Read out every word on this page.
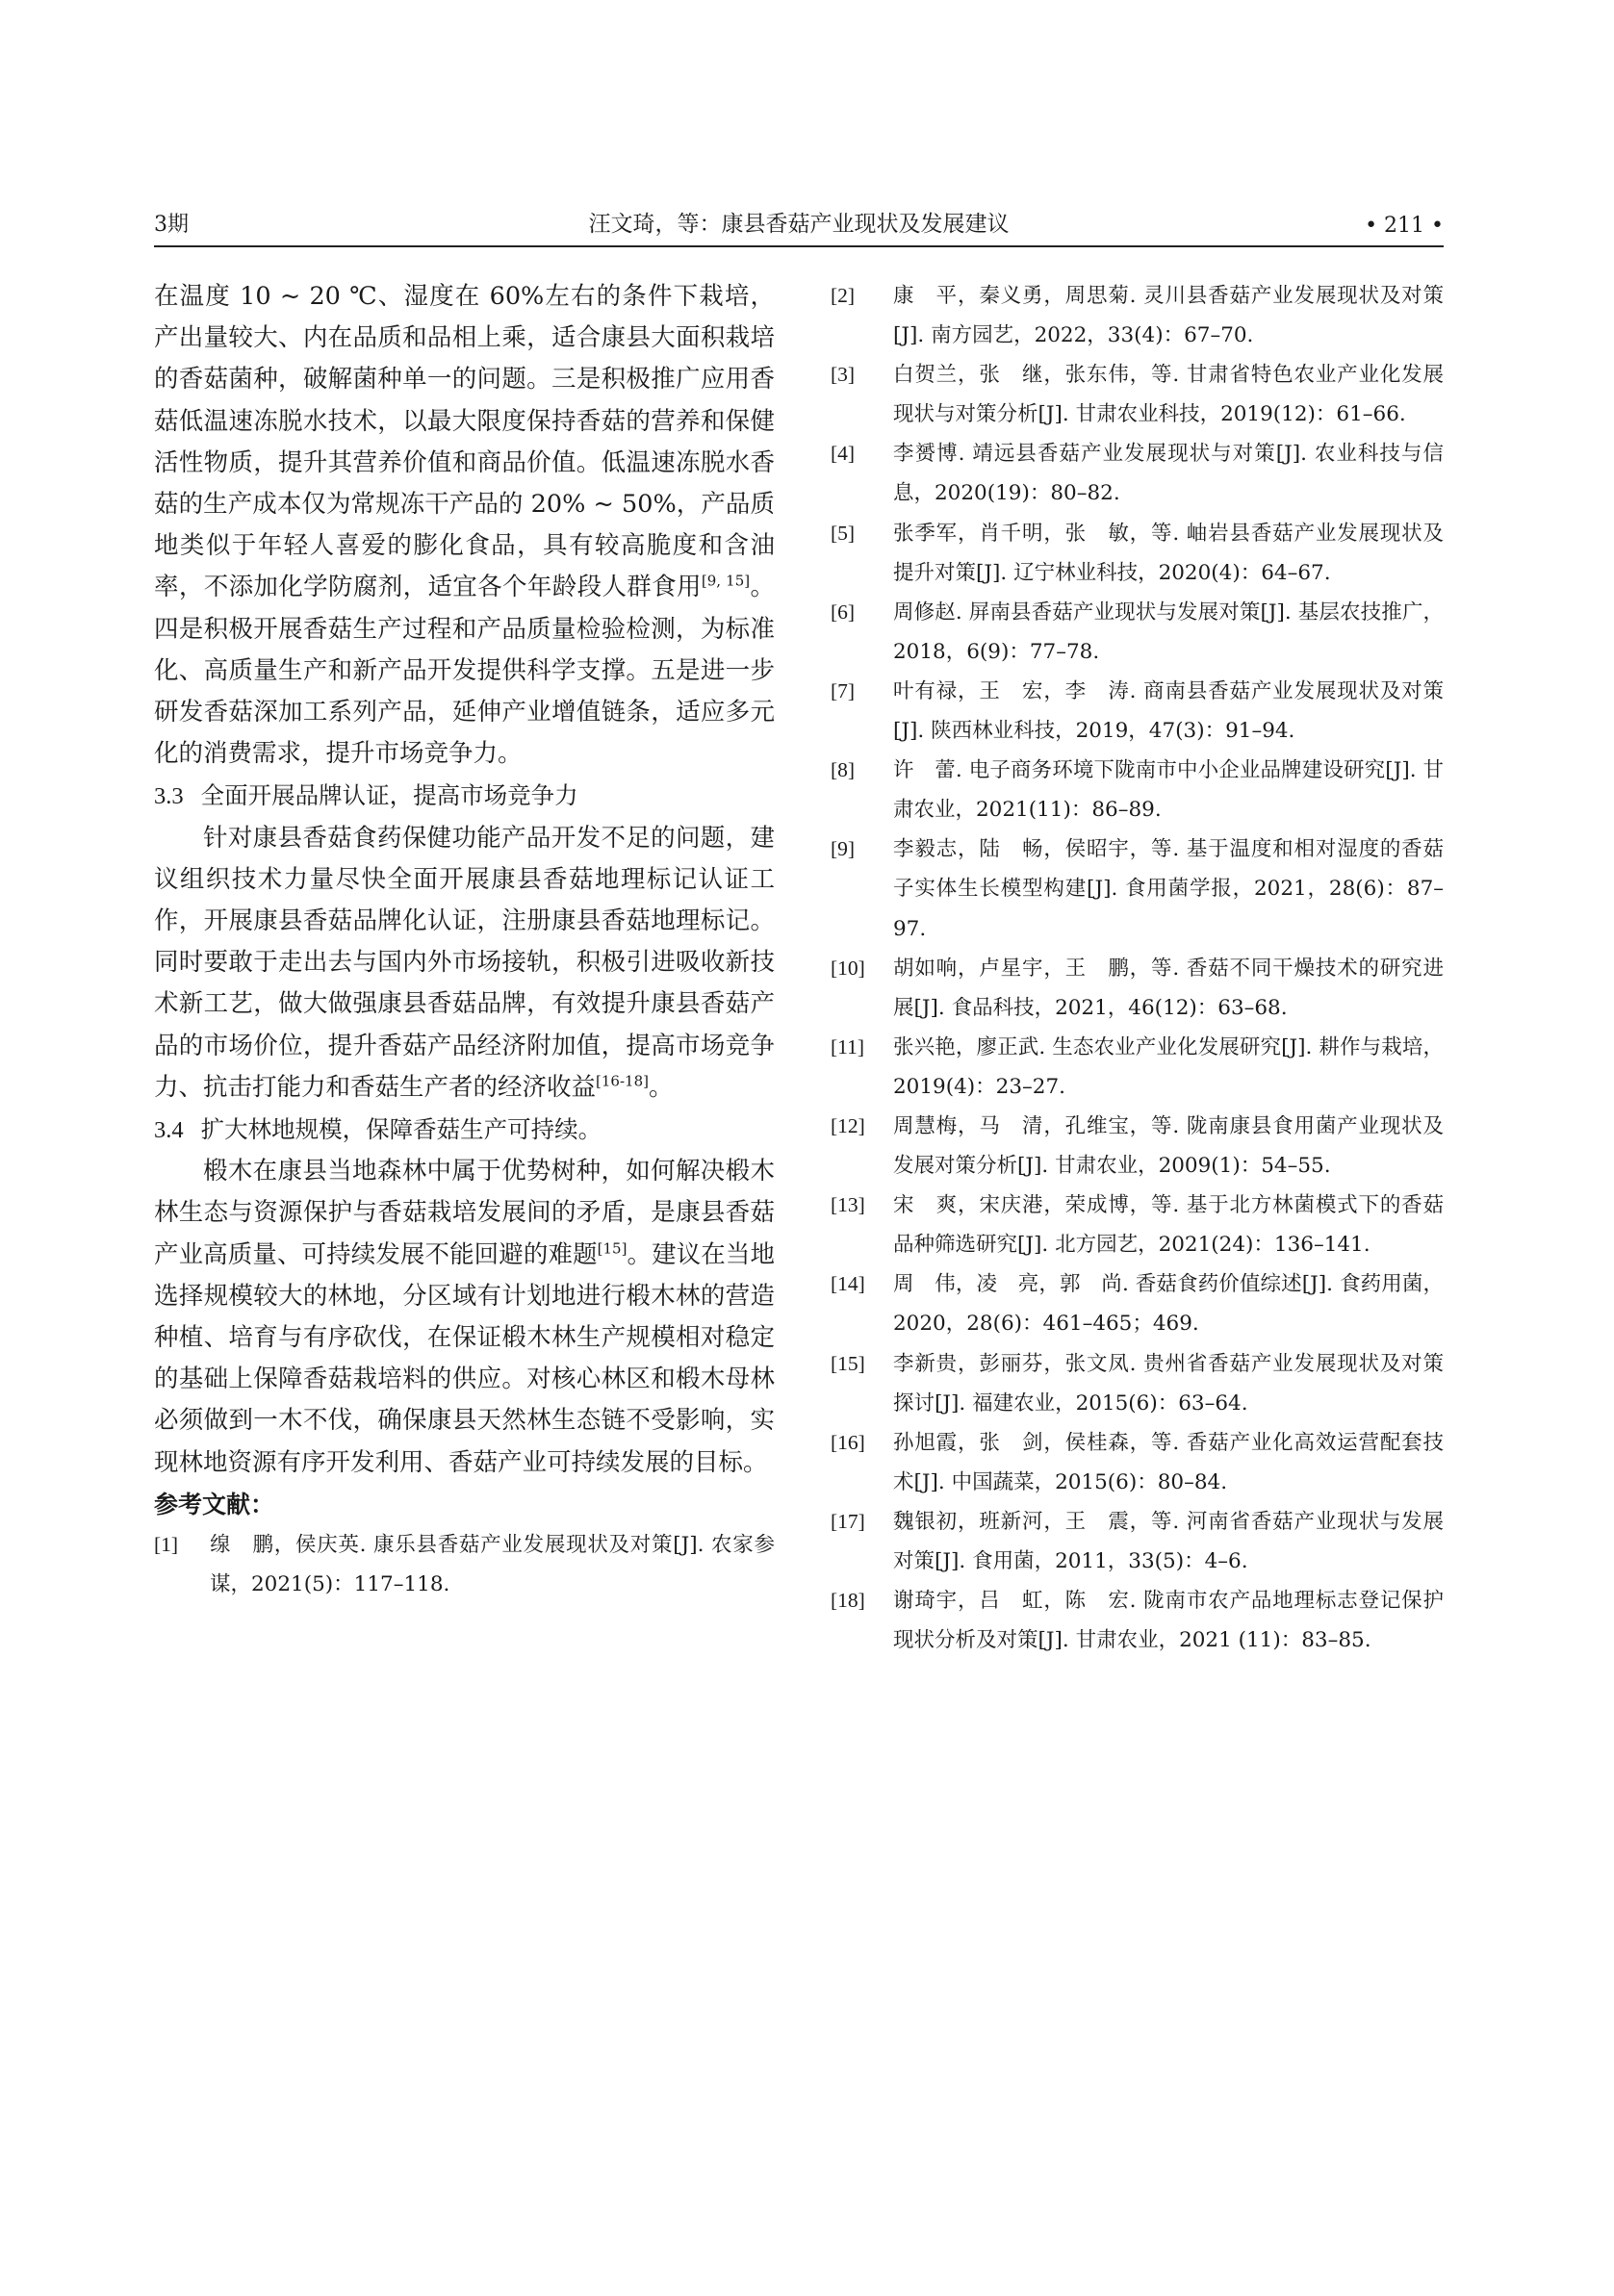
3期	汪文琦，等：康县香菇产业现状及发展建议	• 211 •

在温度 10 ~ 20 ℃、湿度在 60%左右的条件下栽培，产出量较大、内在品质和品相上乘，适合康县大面积栽培的香菇菌种，破解菌种单一的问题。三是积极推广应用香菇低温速冻脱水技术，以最大限度保持香菇的营养和保健活性物质，提升其营养价值和商品价值。低温速冻脱水香菇的生产成本仅为常规冻干产品的 20% ~ 50%，产品质地类似于年轻人喜爱的膨化食品，具有较高脆度和含油率，不添加化学防腐剂，适宜各个年龄段人群食用[9, 15]。四是积极开展香菇生产过程和产品质量检验检测，为标准化、高质量生产和新产品开发提供科学支撑。五是进一步研发香菇深加工系列产品，延伸产业增值链条，适应多元化的消费需求，提升市场竞争力。

3.3 全面开展品牌认证，提高市场竞争力

针对康县香菇食药保健功能产品开发不足的问题，建议组织技术力量尽快全面开展康县香菇地理标记认证工作，开展康县香菇品牌化认证，注册康县香菇地理标记。同时要敢于走出去与国内外市场接轨，积极引进吸收新技术新工艺，做大做强康县香菇品牌，有效提升康县香菇产品的市场价位，提升香菇产品经济附加值，提高市场竞争力、抗击打能力和香菇生产者的经济收益[16-18]。

3.4 扩大林地规模，保障香菇生产可持续。

椴木在康县当地森林中属于优势树种，如何解决椴木林生态与资源保护与香菇栽培发展间的矛盾，是康县香菇产业高质量、可持续发展不能回避的难题[15]。建议在当地选择规模较大的林地，分区域有计划地进行椴木林的营造种植、培育与有序砍伐，在保证椴木林生产规模相对稳定的基础上保障香菇栽培料的供应。对核心林区和椴木母林必须做到一木不伐，确保康县天然林生态链不受影响，实现林地资源有序开发利用、香菇产业可持续发展的目标。

参考文献：

[1] 缐　鹏，侯庆英. 康乐县香菇产业发展现状及对策[J]. 农家参谋，2021(5)：117–118.

[2] 康　平，秦义勇，周思菊. 灵川县香菇产业发展现状及对策[J]. 南方园艺，2022，33(4)：67–70.

[3] 白贺兰，张　继，张东伟，等. 甘肃省特色农业产业化发展现状与对策分析[J]. 甘肃农业科技，2019(12)：61–66.

[4] 李赟博. 靖远县香菇产业发展现状与对策[J]. 农业科技与信息，2020(19)：80–82.

[5] 张季军，肖千明，张　敏，等. 岫岩县香菇产业发展现状及提升对策[J]. 辽宁林业科技，2020(4)：64–67.

[6] 周修赵. 屏南县香菇产业现状与发展对策[J]. 基层农技推广，2018，6(9)：77–78.

[7] 叶有禄，王　宏，李　涛. 商南县香菇产业发展现状及对策[J]. 陕西林业科技，2019，47(3)：91–94.

[8] 许　蕾. 电子商务环境下陇南市中小企业品牌建设研究[J]. 甘肃农业，2021(11)：86–89.

[9] 李毅志，陆　畅，侯昭宇，等. 基于温度和相对湿度的香菇子实体生长模型构建[J]. 食用菌学报，2021，28(6)：87–97.

[10] 胡如响，卢星宇，王　鹏，等. 香菇不同干燥技术的研究进展[J]. 食品科技，2021，46(12)：63–68.

[11] 张兴艳，廖正武. 生态农业产业化发展研究[J]. 耕作与栽培，2019(4)：23–27.

[12] 周慧梅，马　清，孔维宝，等. 陇南康县食用菌产业现状及发展对策分析[J]. 甘肃农业，2009(1)：54–55.

[13] 宋　爽，宋庆港，荣成博，等. 基于北方林菌模式下的香菇品种筛选研究[J]. 北方园艺，2021(24)：136–141.

[14] 周　伟，凌　亮，郭　尚. 香菇食药价值综述[J]. 食药用菌，2020，28(6)：461–465；469.

[15] 李新贵，彭丽芬，张文凤. 贵州省香菇产业发展现状及对策探讨[J]. 福建农业，2015(6)：63–64.

[16] 孙旭霞，张　剑，侯桂森，等. 香菇产业化高效运营配套技术[J]. 中国蔬菜，2015(6)：80–84.

[17] 魏银初，班新河，王　震，等. 河南省香菇产业现状与发展对策[J]. 食用菌，2011，33(5)：4–6.

[18] 谢琦宇，吕　虹，陈　宏. 陇南市农产品地理标志登记保护现状分析及对策[J]. 甘肃农业，2021 (11)：83–85.
